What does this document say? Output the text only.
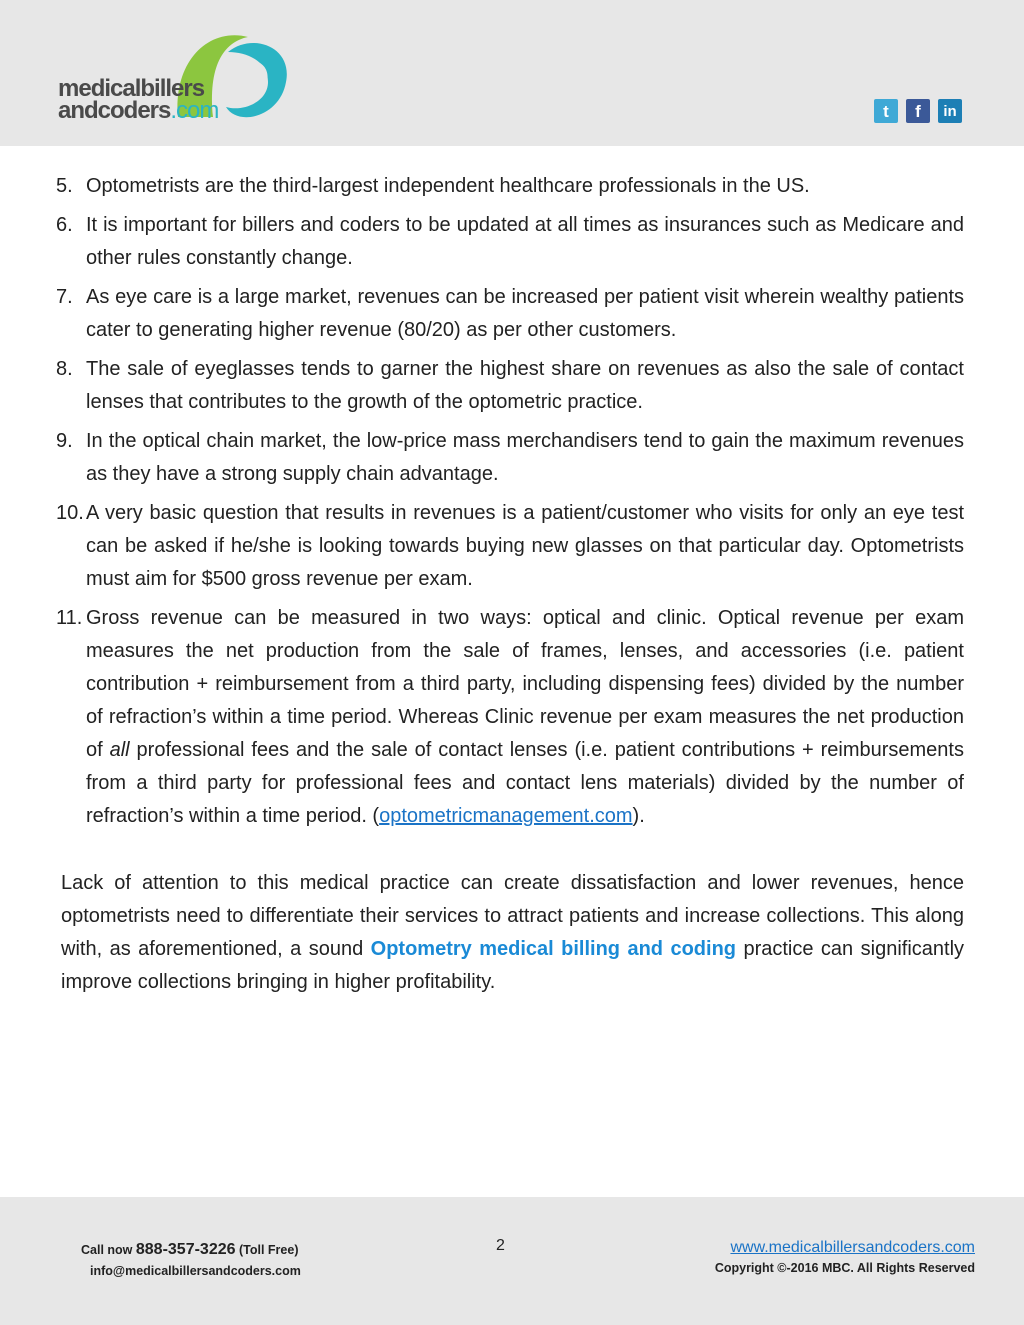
medicalbillers
andcoders.com	t	f	in
5. Optometrists are the third-largest independent healthcare professionals in the US.
6. It is important for billers and coders to be updated at all times as insurances such as Medicare and other rules constantly change.
7. As eye care is a large market, revenues can be increased per patient visit wherein wealthy patients cater to generating higher revenue (80/20) as per other customers.
8. The sale of eyeglasses tends to garner the highest share on revenues as also the sale of contact lenses that contributes to the growth of the optometric practice.
9. In the optical chain market, the low-price mass merchandisers tend to gain the maximum revenues as they have a strong supply chain advantage.
10. A very basic question that results in revenues is a patient/customer who visits for only an eye test can be asked if he/she is looking towards buying new glasses on that particular day. Optometrists must aim for $500 gross revenue per exam.
11. Gross revenue can be measured in two ways: optical and clinic. Optical revenue per exam measures the net production from the sale of frames, lenses, and accessories (i.e. patient contribution + reimbursement from a third party, including dispensing fees) divided by the number of refraction’s within a time period. Whereas Clinic revenue per exam measures the net production of all professional fees and the sale of contact lenses (i.e. patient contributions + reimbursements from a third party for professional fees and contact lens materials) divided by the number of refraction’s within a time period. (optometricmanagement.com).
Lack of attention to this medical practice can create dissatisfaction and lower revenues, hence optometrists need to differentiate their services to attract patients and increase collections. This along with, as aforementioned, a sound Optometry medical billing and coding practice can significantly improve collections bringing in higher profitability.
Call now 888-357-3226 (Toll Free)
info@medicalbillersandcoders.com
2	www.medicalbillersandcoders.com
Copyright ©-2016 MBC. All Rights Reserved
